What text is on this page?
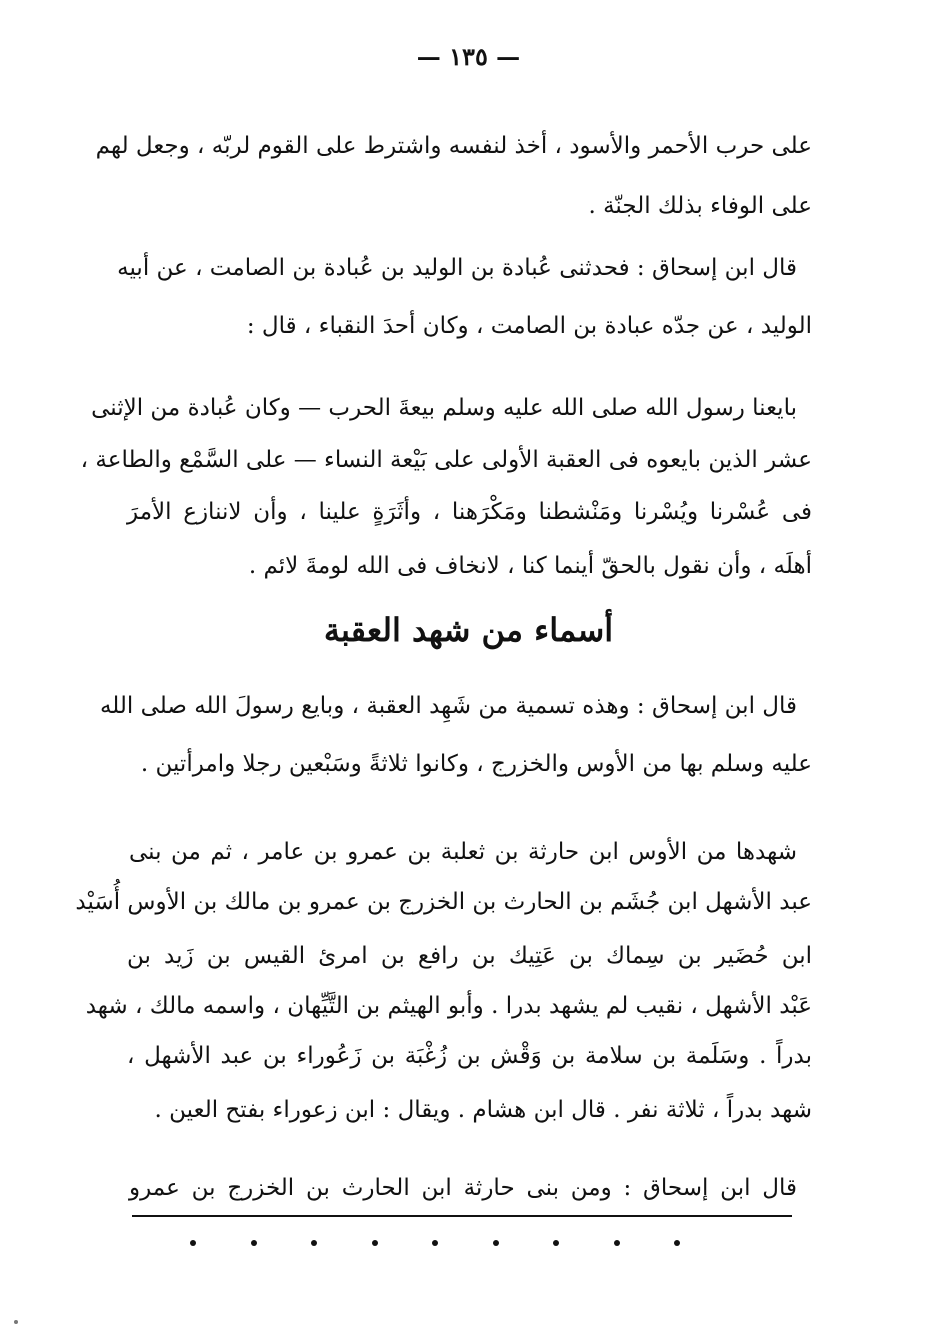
— ١٣٥ —
على حرب الأحمر والأسود ، أخذ لنفسه واشترط على القوم لربّه ، وجعل لهم
على الوفاء بذلك الجنّة .
قال ابن إسحاق : فحدثنى عُبادة بن الوليد بن عُبادة بن الصامت ، عن أبيه
الوليد ، عن جدّه عبادة بن الصامت ، وكان أحدَ النقباء ، قال :
بايعنا رسول الله صلى الله عليه وسلم بيعةَ الحرب — وكان عُبادة من الإثنى
عشر الذين بايعوه فى العقبة الأولى على بَيْعة النساء — على السَّمْع والطاعة ،
فى عُسْرنا ويُسْرنا ومَنْشطنا ومَكْرَهنا ، وأثَرَةٍ علينا ، وأن لاننازع الأمرَ
أهلَه ، وأن نقول بالحقّ أينما كنا ، لانخاف فى الله لومةَ لائم .
أسماء من شهد العقبة
قال ابن إسحاق : وهذه تسمية من شَهِد العقبة ، وبايع رسولَ الله صلى الله
عليه وسلم بها من الأوس والخزرج ، وكانوا ثلاثةً وسَبْعين رجلا وامرأتين .
شهدها من الأوس ابن حارثة بن ثعلبة بن عمرو بن عامر ، ثم من بنى
عبد الأشهل ابن جُشَم بن الحارث بن الخزرج بن عمرو بن مالك بن الأوس أُسَيْد
ابن حُضَير بن سِماك بن عَتِيك بن رافع بن امرئ القيس بن زَيد بن
عَبْد الأشهل ، نقيب لم يشهد بدرا . وأبو الهيثم بن التَّيِّهان ، واسمه مالك ، شهد
بدراً . وسَلَمة بن سلامة بن وَقْش بن زُغْبَة بن زَعُوراء بن عبد الأشهل ،
شهد بدراً ، ثلاثة نفر . قال ابن هشام . ويقال : ابن زعوراء بفتح العين .
قال ابن إسحاق : ومن بنى حارثة ابن الحارث بن الخزرج بن عمرو
